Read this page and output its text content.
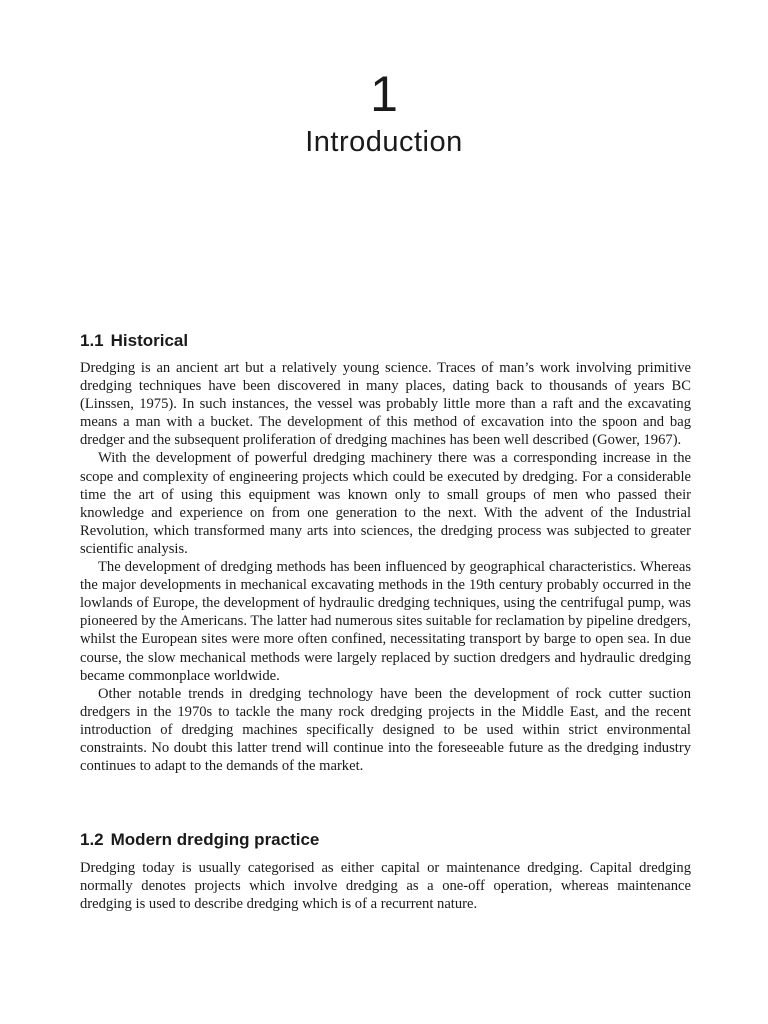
1
Introduction
1.1 Historical

Dredging is an ancient art but a relatively young science. Traces of man’s work involving primitive dredging techniques have been discovered in many places, dating back to thousands of years BC (Linssen, 1975). In such instances, the vessel was probably little more than a raft and the excavating means a man with a bucket. The development of this method of excavation into the spoon and bag dredger and the subsequent proliferation of dredging machines has been well described (Gower, 1967).

With the development of powerful dredging machinery there was a corresponding increase in the scope and complexity of engineering projects which could be executed by dredging. For a considerable time the art of using this equipment was known only to small groups of men who passed their knowledge and experience on from one generation to the next. With the advent of the Industrial Revolution, which transformed many arts into sciences, the dredging process was subjected to greater scientific analysis.

The development of dredging methods has been influenced by geographical characteristics. Whereas the major developments in mechanical excavating methods in the 19th century probably occurred in the lowlands of Europe, the development of hydraulic dredging techniques, using the centrifugal pump, was pioneered by the Americans. The latter had numerous sites suitable for reclamation by pipeline dredgers, whilst the European sites were more often confined, necessitating transport by barge to open sea. In due course, the slow mechanical methods were largely replaced by suction dredgers and hydraulic dredging became commonplace worldwide.

Other notable trends in dredging technology have been the development of rock cutter suction dredgers in the 1970s to tackle the many rock dredging projects in the Middle East, and the recent introduction of dredging machines specifically designed to be used within strict environmental constraints. No doubt this latter trend will continue into the foreseeable future as the dredging industry continues to adapt to the demands of the market.

1.2 Modern dredging practice

Dredging today is usually categorised as either capital or maintenance dredging. Capital dredging normally denotes projects which involve dredging as a one-off operation, whereas maintenance dredging is used to describe dredging which is of a recurrent nature.
